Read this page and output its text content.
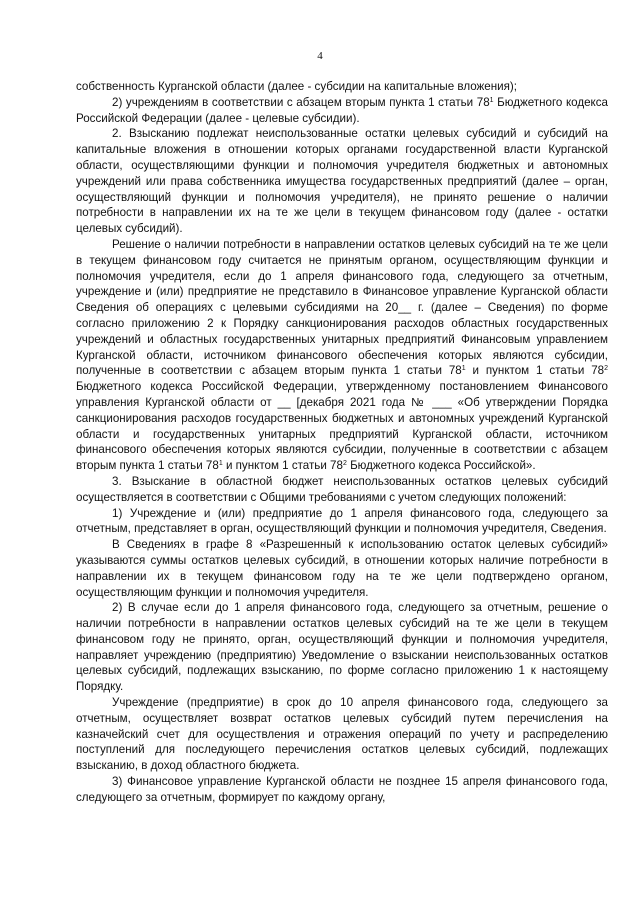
4

собственность Курганской области (далее - субсидии на капитальные вложения);

2) учреждениям в соответствии с абзацем вторым пункта 1 статьи $78^1$ Бюджетного кодекса Российской Федерации (далее - целевые субсидии).

2. Взысканию подлежат неиспользованные остатки целевых субсидий и субсидий на капитальные вложения в отношении которых органами государственной власти Курганской области, осуществляющими функции и полномочия учредителя бюджетных и автономных учреждений или права собственника имущества государственных предприятий (далее – орган, осуществляющий функции и полномочия учредителя), не принято решение о наличии потребности в направлении их на те же цели в текущем финансовом году (далее - остатки целевых субсидий).

Решение о наличии потребности в направлении остатков целевых субсидий на те же цели в текущем финансовом году считается не принятым органом, осуществляющим функции и полномочия учредителя, если до 1 апреля финансового года, следующего за отчетным, учреждение и (или) предприятие не представило в Финансовое управление Курганской области Сведения об операциях с целевыми субсидиями на 20__ г. (далее – Сведения) по форме согласно приложению 2 к Порядку санкционирования расходов областных государственных учреждений и областных государственных унитарных предприятий Финансовым управлением Курганской области, источником финансового обеспечения которых являются субсидии, полученные в соответствии с абзацем вторым пункта 1 статьи $78^1$ и пунктом 1 статьи $78^2$ Бюджетного кодекса Российской Федерации, утвержденному постановлением Финансового управления Курганской области от __ [декабря 2021 года № ___ «Об утверждении Порядка санкционирования расходов государственных бюджетных и автономных учреждений Курганской области и государственных унитарных предприятий Курганской области, источником финансового обеспечения которых являются субсидии, полученные в соответствии с абзацем вторым пункта 1 статьи $78^1$ и пунктом 1 статьи $78^2$ Бюджетного кодекса Российской».

3. Взыскание в областной бюджет неиспользованных остатков целевых субсидий осуществляется в соответствии с Общими требованиями с учетом следующих положений:

1) Учреждение и (или) предприятие до 1 апреля финансового года, следующего за отчетным, представляет в орган, осуществляющий функции и полномочия учредителя, Сведения.

В Сведениях в графе 8 «Разрешенный к использованию остаток целевых субсидий» указываются суммы остатков целевых субсидий, в отношении которых наличие потребности в направлении их в текущем финансовом году на те же цели подтверждено органом, осуществляющим функции и полномочия учредителя.

2) В случае если до 1 апреля финансового года, следующего за отчетным, решение о наличии потребности в направлении остатков целевых субсидий на те же цели в текущем финансовом году не принято, орган, осуществляющий функции и полномочия учредителя, направляет учреждению (предприятию) Уведомление о взыскании неиспользованных остатков целевых субсидий, подлежащих взысканию, по форме согласно приложению 1 к настоящему Порядку.

Учреждение (предприятие) в срок до 10 апреля финансового года, следующего за отчетным, осуществляет возврат остатков целевых субсидий путем перечисления на казначейский счет для осуществления и отражения операций по учету и распределению поступлений для последующего перечисления остатков целевых субсидий, подлежащих взысканию, в доход областного бюджета.

3) Финансовое управление Курганской области не позднее 15 апреля финансового года, следующего за отчетным, формирует по каждому органу,
